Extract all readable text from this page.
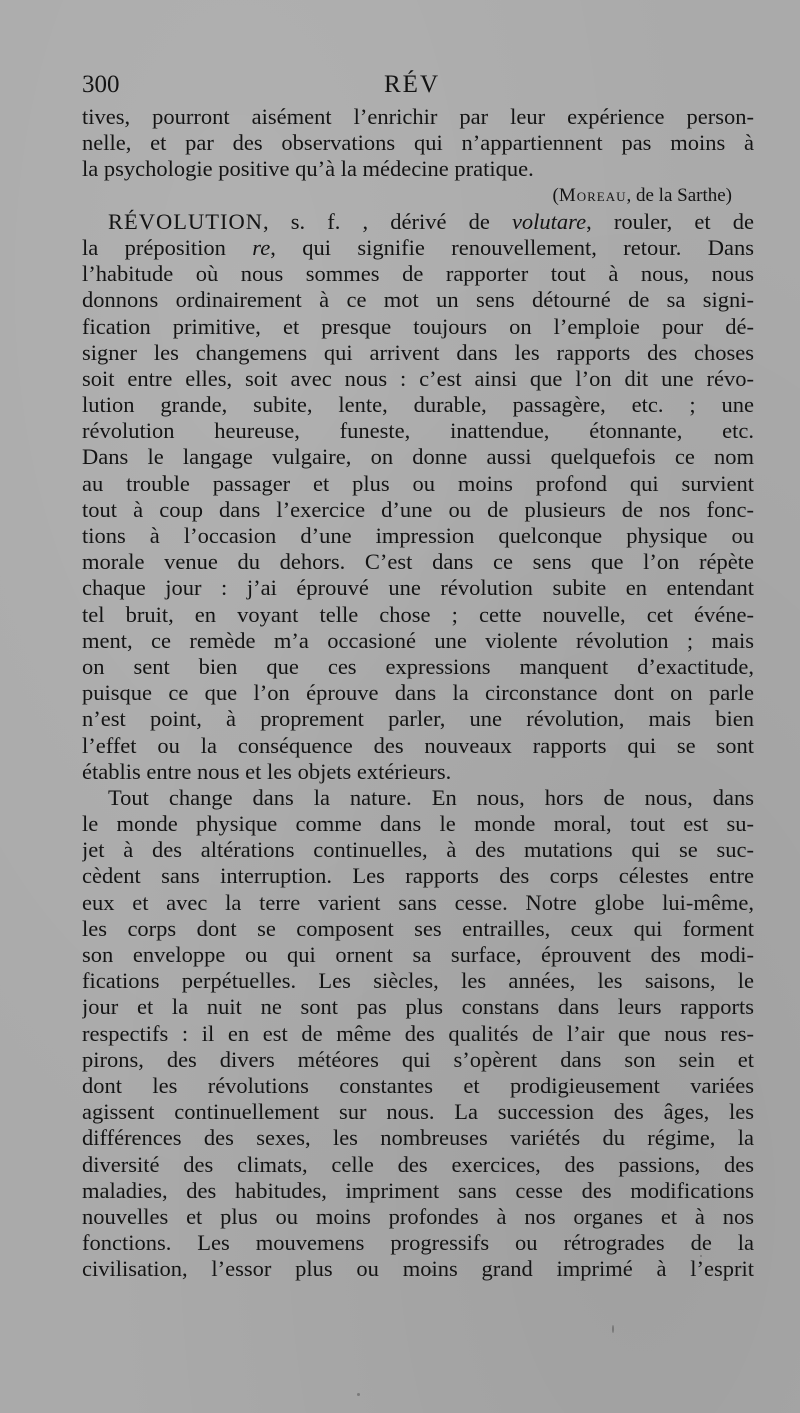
300	RÉV
tives, pourront aisément l’enrichir par leur expérience person-
nelle, et par des observations qui n’appartiennent pas moins à
la psychologie positive qu’à la médecine pratique.
(Moreau, de la Sarthe)
RÉVOLUTION, s. f. , dérivé de volutare, rouler, et de
la préposition re, qui signifie renouvellement, retour. Dans
l’habitude où nous sommes de rapporter tout à nous, nous
donnons ordinairement à ce mot un sens détourné de sa signi-
fication primitive, et presque toujours on l’emploie pour dé-
signer les changemens qui arrivent dans les rapports des choses
soit entre elles, soit avec nous : c’est ainsi que l’on dit une révo-
lution grande, subite, lente, durable, passagère, etc. ; une
révolution heureuse, funeste, inattendue, étonnante, etc.
Dans le langage vulgaire, on donne aussi quelquefois ce nom
au trouble passager et plus ou moins profond qui survient
tout à coup dans l’exercice d’une ou de plusieurs de nos fonc-
tions à l’occasion d’une impression quelconque physique ou
morale venue du dehors. C’est dans ce sens que l’on répète
chaque jour : j’ai éprouvé une révolution subite en entendant
tel bruit, en voyant telle chose ; cette nouvelle, cet événe-
ment, ce remède m’a occasioné une violente révolution ; mais
on sent bien que ces expressions manquent d’exactitude,
puisque ce que l’on éprouve dans la circonstance dont on parle
n’est point, à proprement parler, une révolution, mais bien
l’effet ou la conséquence des nouveaux rapports qui se sont
établis entre nous et les objets extérieurs.
Tout change dans la nature. En nous, hors de nous, dans
le monde physique comme dans le monde moral, tout est su-
jet à des altérations continuelles, à des mutations qui se suc-
cèdent sans interruption. Les rapports des corps célestes entre
eux et avec la terre varient sans cesse. Notre globe lui-même,
les corps dont se composent ses entrailles, ceux qui forment
son enveloppe ou qui ornent sa surface, éprouvent des modi-
fications perpétuelles. Les siècles, les années, les saisons, le
jour et la nuit ne sont pas plus constans dans leurs rapports
respectifs : il en est de même des qualités de l’air que nous res-
pirons, des divers météores qui s’opèrent dans son sein et
dont les révolutions constantes et prodigieusement variées
agissent continuellement sur nous. La succession des âges, les
différences des sexes, les nombreuses variétés du régime, la
diversité des climats, celle des exercices, des passions, des
maladies, des habitudes, impriment sans cesse des modifications
nouvelles et plus ou moins profondes à nos organes et à nos
fonctions. Les mouvemens progressifs ou rétrogrades de la
civilisation, l’essor plus ou moins grand imprimé à l’esprit
